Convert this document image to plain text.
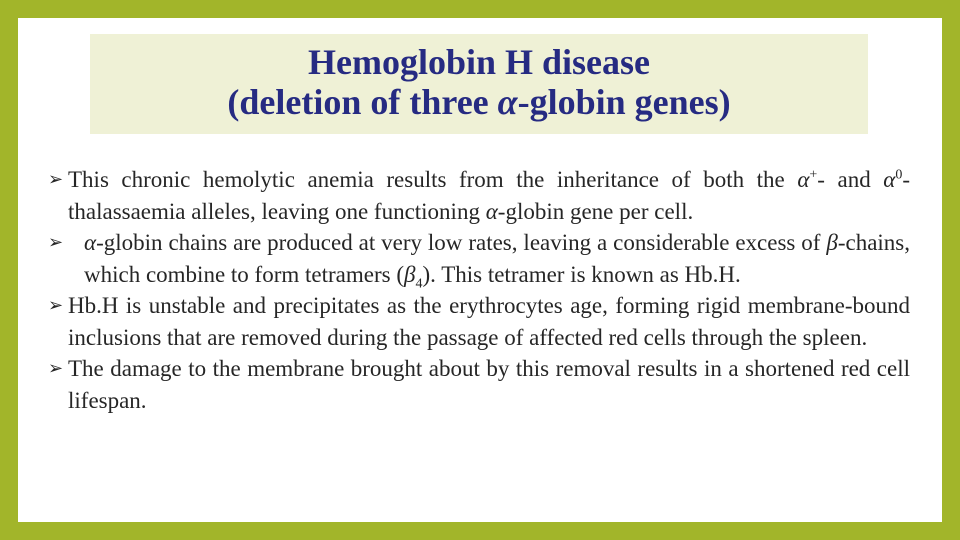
Hemoglobin H disease
(deletion of three α-globin genes)
➢ This chronic hemolytic anemia results from the inheritance of both the α+- and $\alpha^0$-thalassaemia alleles, leaving one functioning α-globin gene per cell.
➢ α-globin chains are produced at very low rates, leaving a considerable excess of β-chains, which combine to form tetramers $(\beta_4)$. This tetramer is known as Hb.H.
➢ Hb.H is unstable and precipitates as the erythrocytes age, forming rigid membrane-bound inclusions that are removed during the passage of affected red cells through the spleen.
➢ The damage to the membrane brought about by this removal results in a shortened red cell lifespan.
